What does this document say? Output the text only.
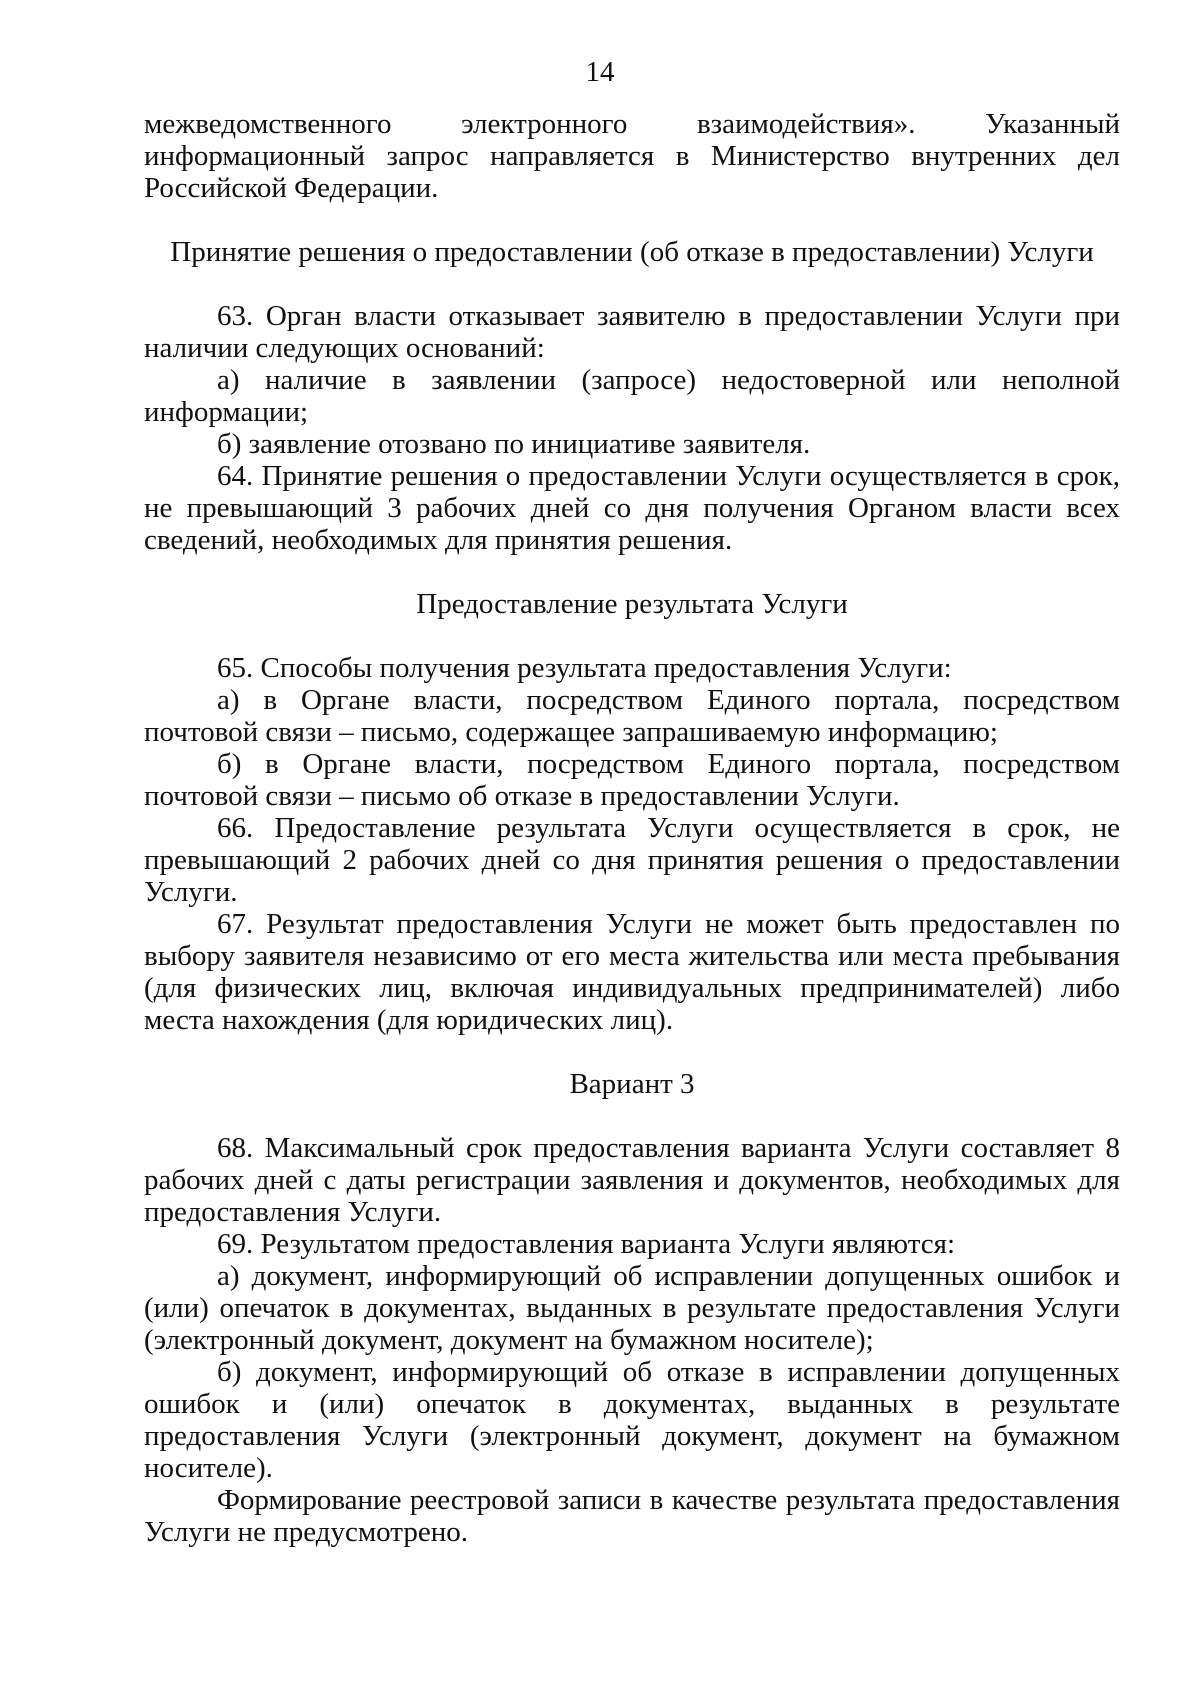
14

межведомственного электронного взаимодействия». Указанный информационный запрос направляется в Министерство внутренних дел Российской Федерации.

Принятие решения о предоставлении (об отказе в предоставлении) Услуги

63. Орган власти отказывает заявителю в предоставлении Услуги при наличии следующих оснований:

а) наличие в заявлении (запросе) недостоверной или неполной информации;

б) заявление отозвано по инициативе заявителя.

64. Принятие решения о предоставлении Услуги осуществляется в срок, не превышающий 3 рабочих дней со дня получения Органом власти всех сведений, необходимых для принятия решения.

Предоставление результата Услуги

65. Способы получения результата предоставления Услуги:

а) в Органе власти, посредством Единого портала, посредством почтовой связи – письмо, содержащее запрашиваемую информацию;

б) в Органе власти, посредством Единого портала, посредством почтовой связи – письмо об отказе в предоставлении Услуги.

66. Предоставление результата Услуги осуществляется в срок, не превышающий 2 рабочих дней со дня принятия решения о предоставлении Услуги.

67. Результат предоставления Услуги не может быть предоставлен по выбору заявителя независимо от его места жительства или места пребывания (для физических лиц, включая индивидуальных предпринимателей) либо места нахождения (для юридических лиц).

Вариант 3

68. Максимальный срок предоставления варианта Услуги составляет 8 рабочих дней с даты регистрации заявления и документов, необходимых для предоставления Услуги.

69. Результатом предоставления варианта Услуги являются:

а) документ, информирующий об исправлении допущенных ошибок и (или) опечаток в документах, выданных в результате предоставления Услуги (электронный документ, документ на бумажном носителе);

б) документ, информирующий об отказе в исправлении допущенных ошибок и (или) опечаток в документах, выданных в результате предоставления Услуги (электронный документ, документ на бумажном носителе).

Формирование реестровой записи в качестве результата предоставления Услуги не предусмотрено.
